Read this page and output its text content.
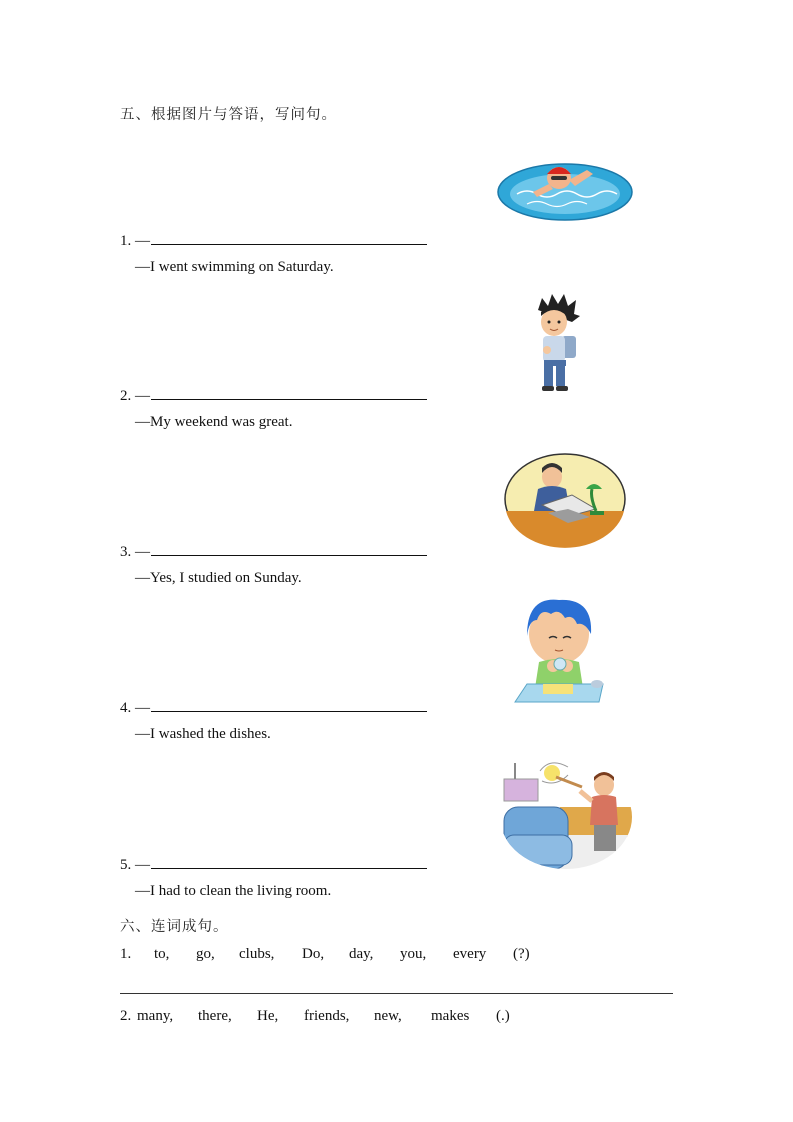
五、根据图片与答语，写问句。
1. —
—I went swimming on Saturday.
2. —
—My weekend was great.
3. —
—Yes, I studied on Sunday.
4. —
—I washed the dishes.
5. —
—I had to clean the living room.
六、连词成句。
1.	to,	go,	clubs,	Do,	day,	you,	every	(?)
2. many,	there,	He,	friends,	new,	makes	(.)
